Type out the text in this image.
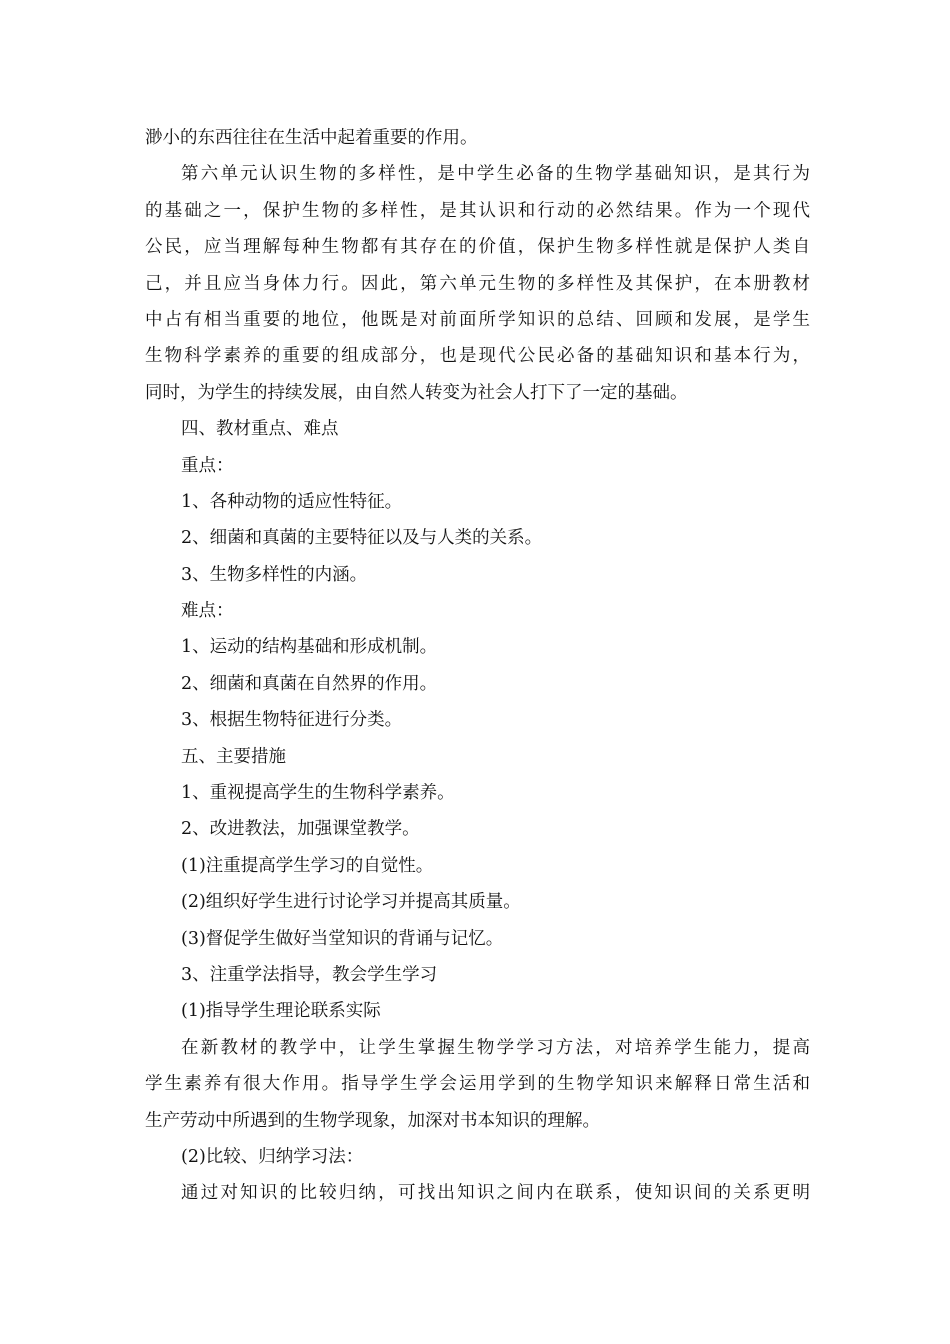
渺小的东西往往在生活中起着重要的作用。
第六单元认识生物的多样性，是中学生必备的生物学基础知识，是其行为
的基础之一，保护生物的多样性，是其认识和行动的必然结果。作为一个现代
公民，应当理解每种生物都有其存在的价值，保护生物多样性就是保护人类自
己，并且应当身体力行。因此，第六单元生物的多样性及其保护，在本册教材
中占有相当重要的地位，他既是对前面所学知识的总结、回顾和发展，是学生
生物科学素养的重要的组成部分，也是现代公民必备的基础知识和基本行为，
同时，为学生的持续发展，由自然人转变为社会人打下了一定的基础。
四、教材重点、难点
重点：
1、各种动物的适应性特征。
2、细菌和真菌的主要特征以及与人类的关系。
3、生物多样性的内涵。
难点：
1、运动的结构基础和形成机制。
2、细菌和真菌在自然界的作用。
3、根据生物特征进行分类。
五、主要措施
1、重视提高学生的生物科学素养。
2、改进教法，加强课堂教学。
(1)注重提高学生学习的自觉性。
(2)组织好学生进行讨论学习并提高其质量。
(3)督促学生做好当堂知识的背诵与记忆。
3、注重学法指导，教会学生学习
(1)指导学生理论联系实际
在新教材的教学中，让学生掌握生物学学习方法，对培养学生能力，提高
学生素养有很大作用。指导学生学会运用学到的生物学知识来解释日常生活和
生产劳动中所遇到的生物学现象，加深对书本知识的理解。
(2)比较、归纳学习法：
通过对知识的比较归纳，可找出知识之间内在联系，使知识间的关系更明
